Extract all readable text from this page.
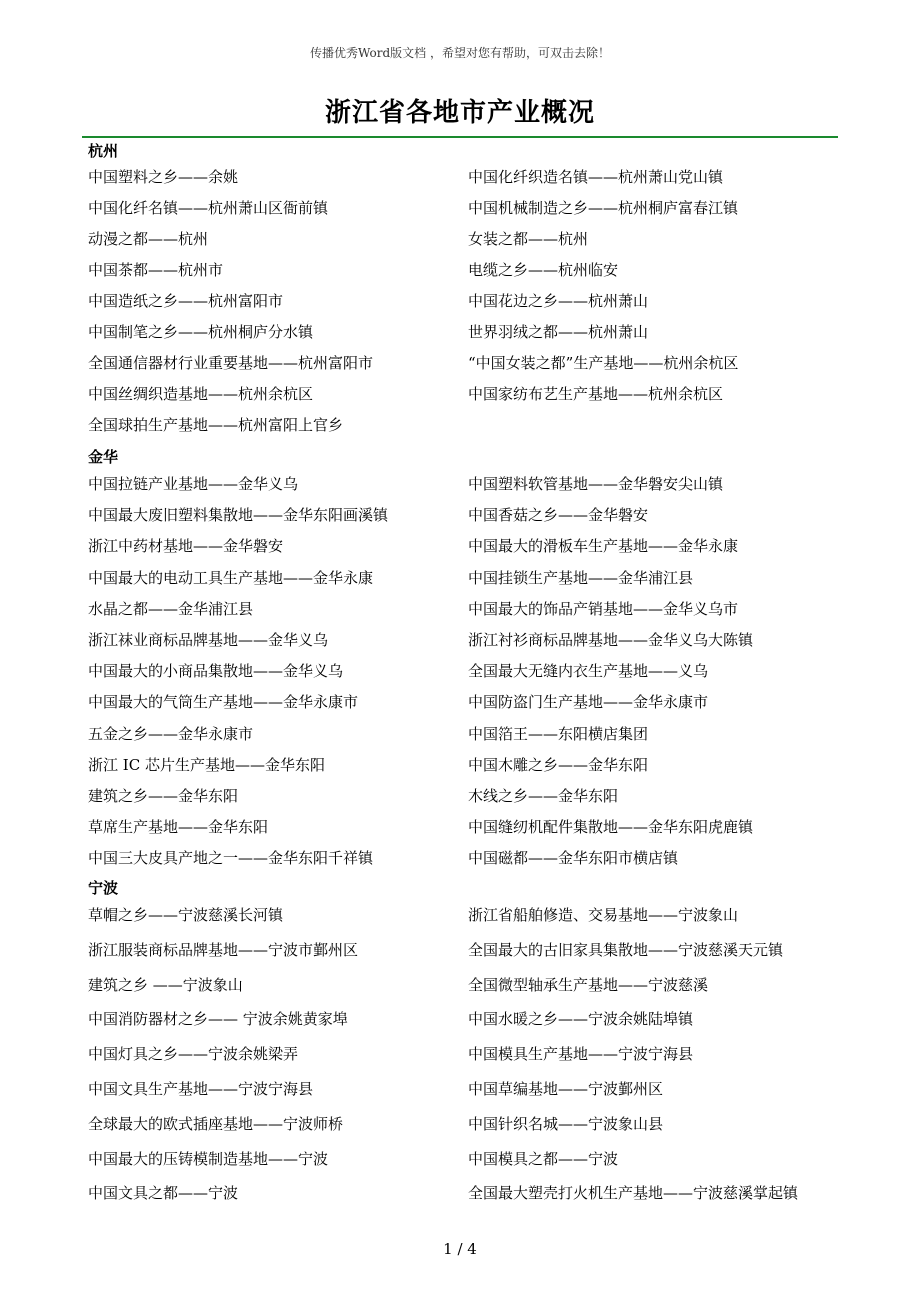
传播优秀Word版文档 ，希望对您有帮助，可双击去除！
浙江省各地市产业概况
杭州
中国塑料之乡——余姚	中国化纤织造名镇——杭州萧山党山镇
中国化纤名镇——杭州萧山区衙前镇	中国机械制造之乡——杭州桐庐富春江镇
动漫之都——杭州	女装之都——杭州
中国茶都——杭州市	电缆之乡——杭州临安
中国造纸之乡——杭州富阳市	中国花边之乡——杭州萧山
中国制笔之乡——杭州桐庐分水镇	世界羽绒之都——杭州萧山
全国通信器材行业重要基地——杭州富阳市	“中国女装之都”生产基地——杭州余杭区
中国丝绸织造基地——杭州余杭区	中国家纺布艺生产基地——杭州余杭区
全国球拍生产基地——杭州富阳上官乡
金华
中国拉链产业基地——金华义乌	中国塑料软管基地——金华磐安尖山镇
中国最大废旧塑料集散地——金华东阳画溪镇	中国香菇之乡——金华磐安
浙江中药材基地——金华磐安	中国最大的滑板车生产基地——金华永康
中国最大的电动工具生产基地——金华永康	中国挂锁生产基地——金华浦江县
水晶之都——金华浦江县	中国最大的饰品产销基地——金华义乌市
浙江袜业商标品牌基地——金华义乌	浙江衬衫商标品牌基地——金华义乌大陈镇
中国最大的小商品集散地——金华义乌	全国最大无缝内衣生产基地——义乌
中国最大的气筒生产基地——金华永康市	中国防盗门生产基地——金华永康市
五金之乡——金华永康市	中国箔王——东阳横店集团
浙江 IC 芯片生产基地——金华东阳	中国木雕之乡——金华东阳
建筑之乡——金华东阳	木线之乡——金华东阳
草席生产基地——金华东阳	中国缝纫机配件集散地——金华东阳虎鹿镇
中国三大皮具产地之一——金华东阳千祥镇	中国磁都——金华东阳市横店镇
宁波
草帽之乡——宁波慈溪长河镇	浙江省船舶修造、交易基地——宁波象山
浙江服装商标品牌基地——宁波市鄞州区	全国最大的古旧家具集散地——宁波慈溪天元镇
建筑之乡 ——宁波象山	全国微型轴承生产基地——宁波慈溪
中国消防器材之乡—— 宁波余姚黄家埠	中国水暖之乡——宁波余姚陆埠镇
中国灯具之乡——宁波余姚梁弄	中国模具生产基地——宁波宁海县
中国文具生产基地——宁波宁海县	中国草编基地——宁波鄞州区
全球最大的欧式插座基地——宁波师桥	中国针织名城——宁波象山县
中国最大的压铸模制造基地——宁波	中国模具之都——宁波
中国文具之都——宁波	全国最大塑壳打火机生产基地——宁波慈溪掌起镇
1 / 4
